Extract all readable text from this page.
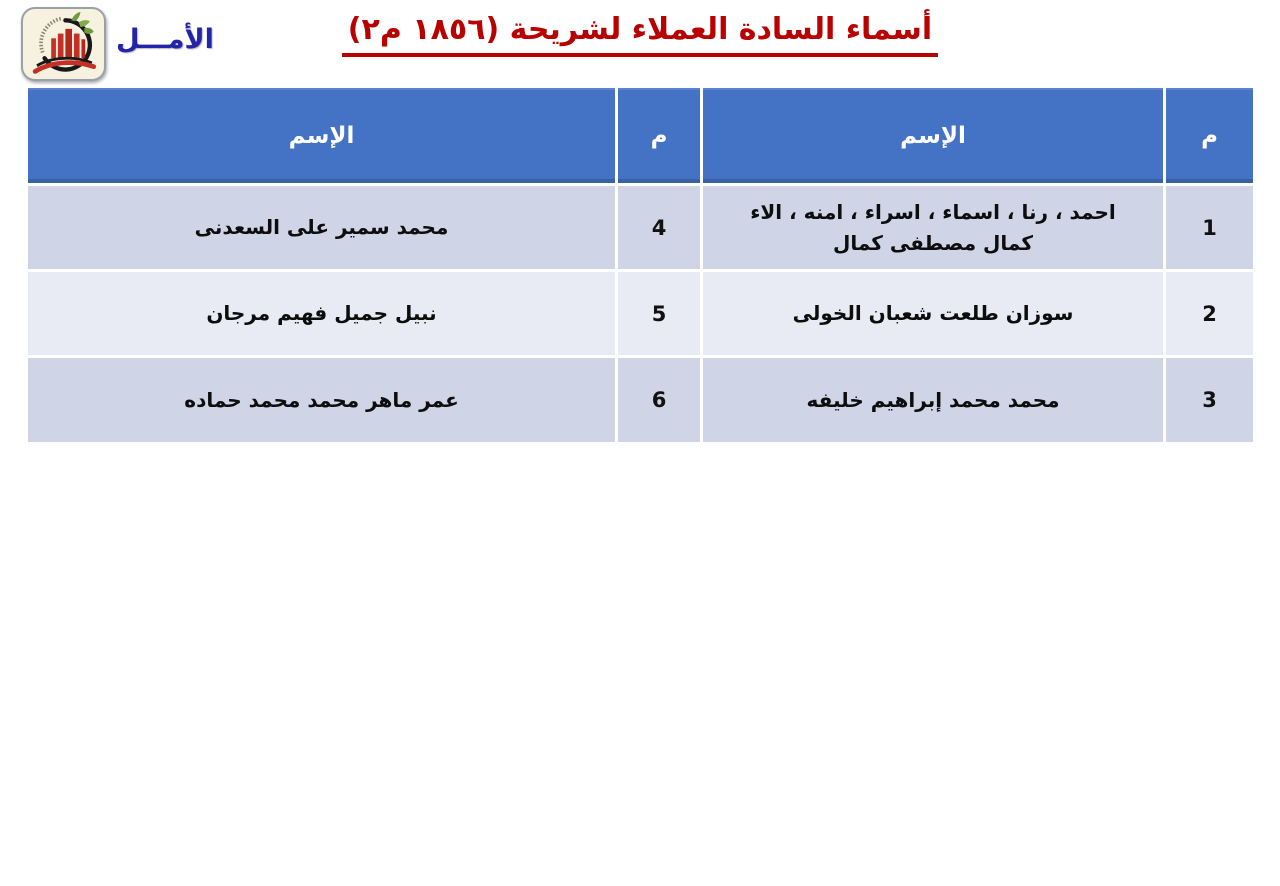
الأمـــل	أسماء السادة العملاء لشريحة (١٨٥٦ م٢)
م
الإسم
م
الإسم
1
احمد ، رنا ، اسماء ، اسراء ، امنه ، الاء كمال مصطفى كمال
4
محمد سمير على السعدنى
2
سوزان طلعت شعبان الخولى
5
نبيل جميل فهيم مرجان
3
محمد محمد إبراهيم خليفه
6
عمر ماهر محمد محمد حماده
